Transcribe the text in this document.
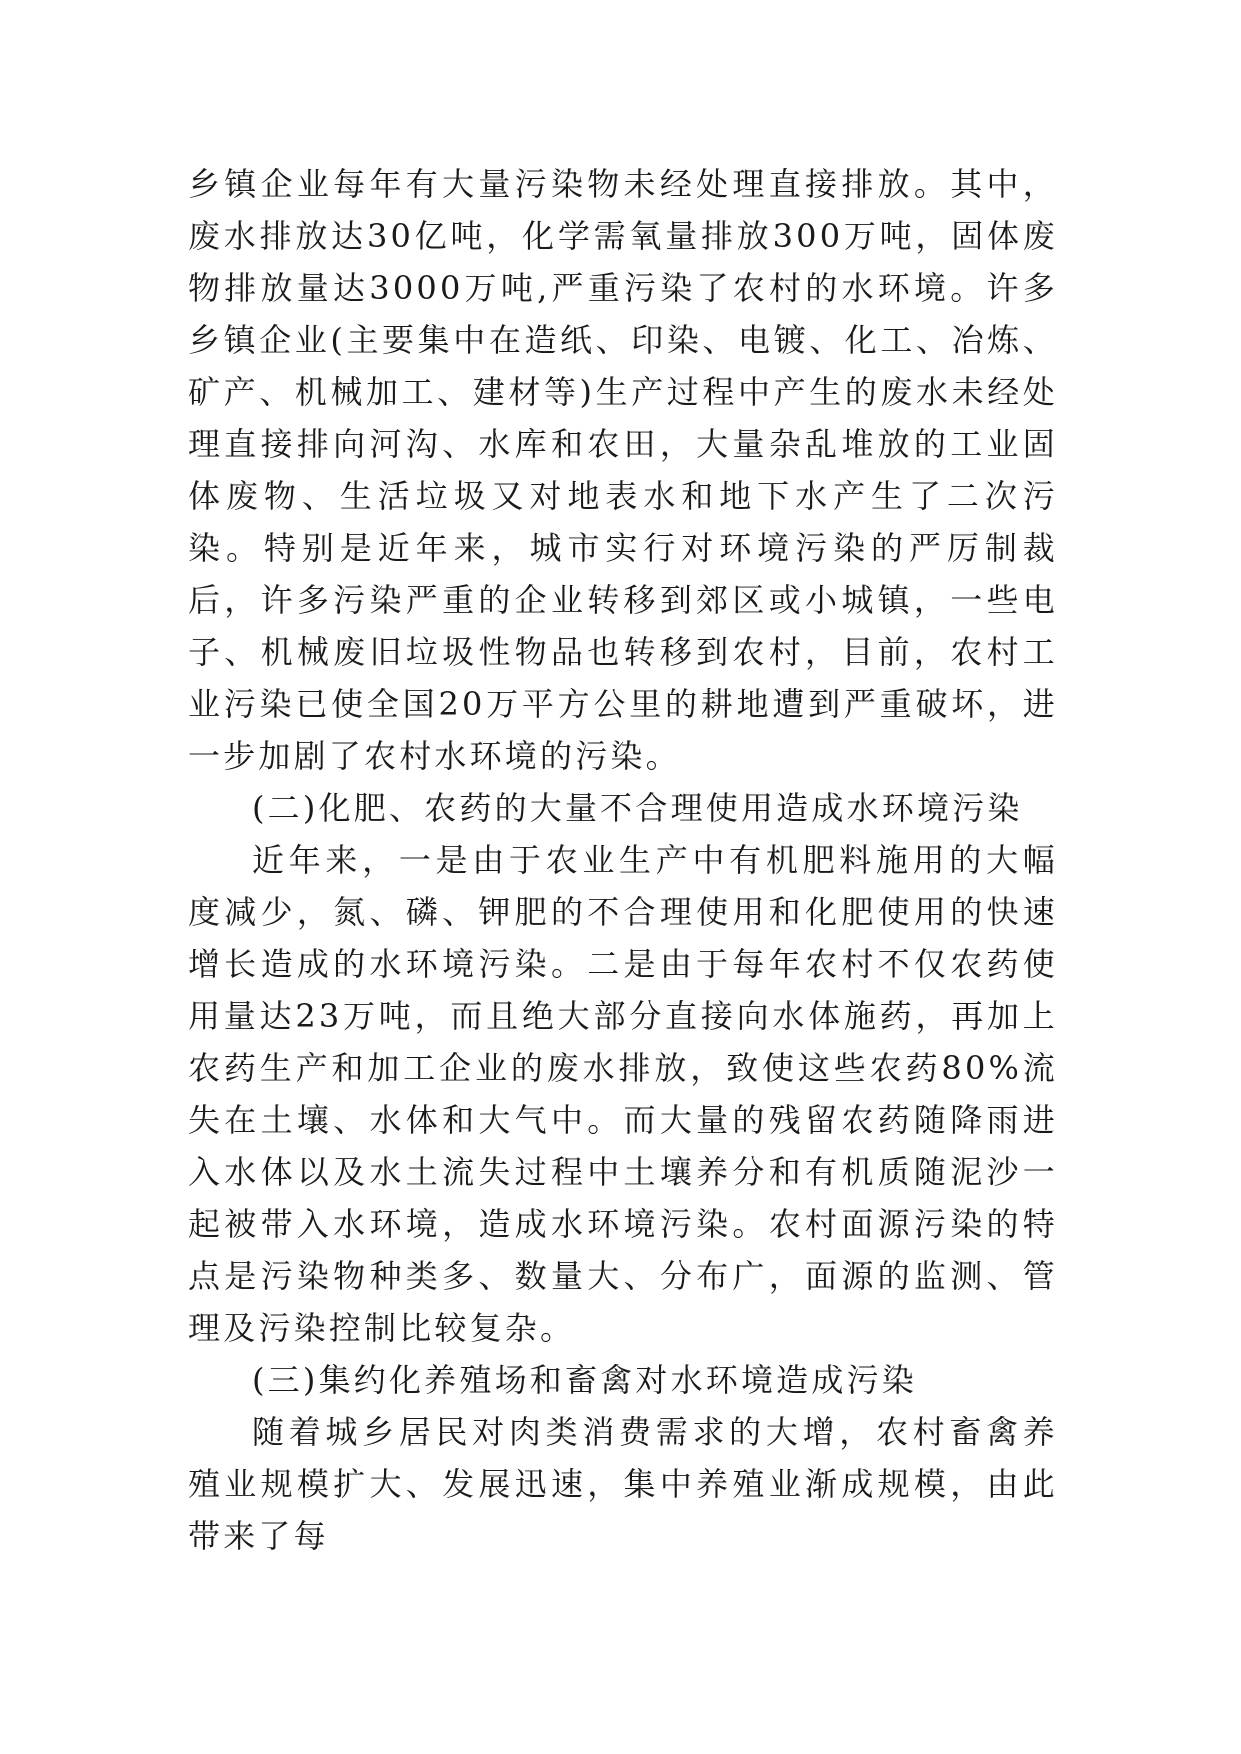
乡镇企业每年有大量污染物未经处理直接排放。其中，废水排放达30亿吨，化学需氧量排放300万吨，固体废物排放量达3000万吨,严重污染了农村的水环境。许多乡镇企业(主要集中在造纸、印染、电镀、化工、冶炼、矿产、机械加工、建材等)生产过程中产生的废水未经处理直接排向河沟、水库和农田，大量杂乱堆放的工业固体废物、生活垃圾又对地表水和地下水产生了二次污染。特别是近年来，城市实行对环境污染的严厉制裁后，许多污染严重的企业转移到郊区或小城镇，一些电子、机械废旧垃圾性物品也转移到农村，目前，农村工业污染已使全国20万平方公里的耕地遭到严重破坏，进一步加剧了农村水环境的污染。

(二)化肥、农药的大量不合理使用造成水环境污染

近年来，一是由于农业生产中有机肥料施用的大幅度减少，氮、磷、钾肥的不合理使用和化肥使用的快速增长造成的水环境污染。二是由于每年农村不仅农药使用量达23万吨，而且绝大部分直接向水体施药，再加上农药生产和加工企业的废水排放，致使这些农药80%流失在土壤、水体和大气中。而大量的残留农药随降雨进入水体以及水土流失过程中土壤养分和有机质随泥沙一起被带入水环境，造成水环境污染。农村面源污染的特点是污染物种类多、数量大、分布广，面源的监测、管理及污染控制比较复杂。

(三)集约化养殖场和畜禽对水环境造成污染

随着城乡居民对肉类消费需求的大增，农村畜禽养殖业规模扩大、发展迅速，集中养殖业渐成规模，由此带来了每
